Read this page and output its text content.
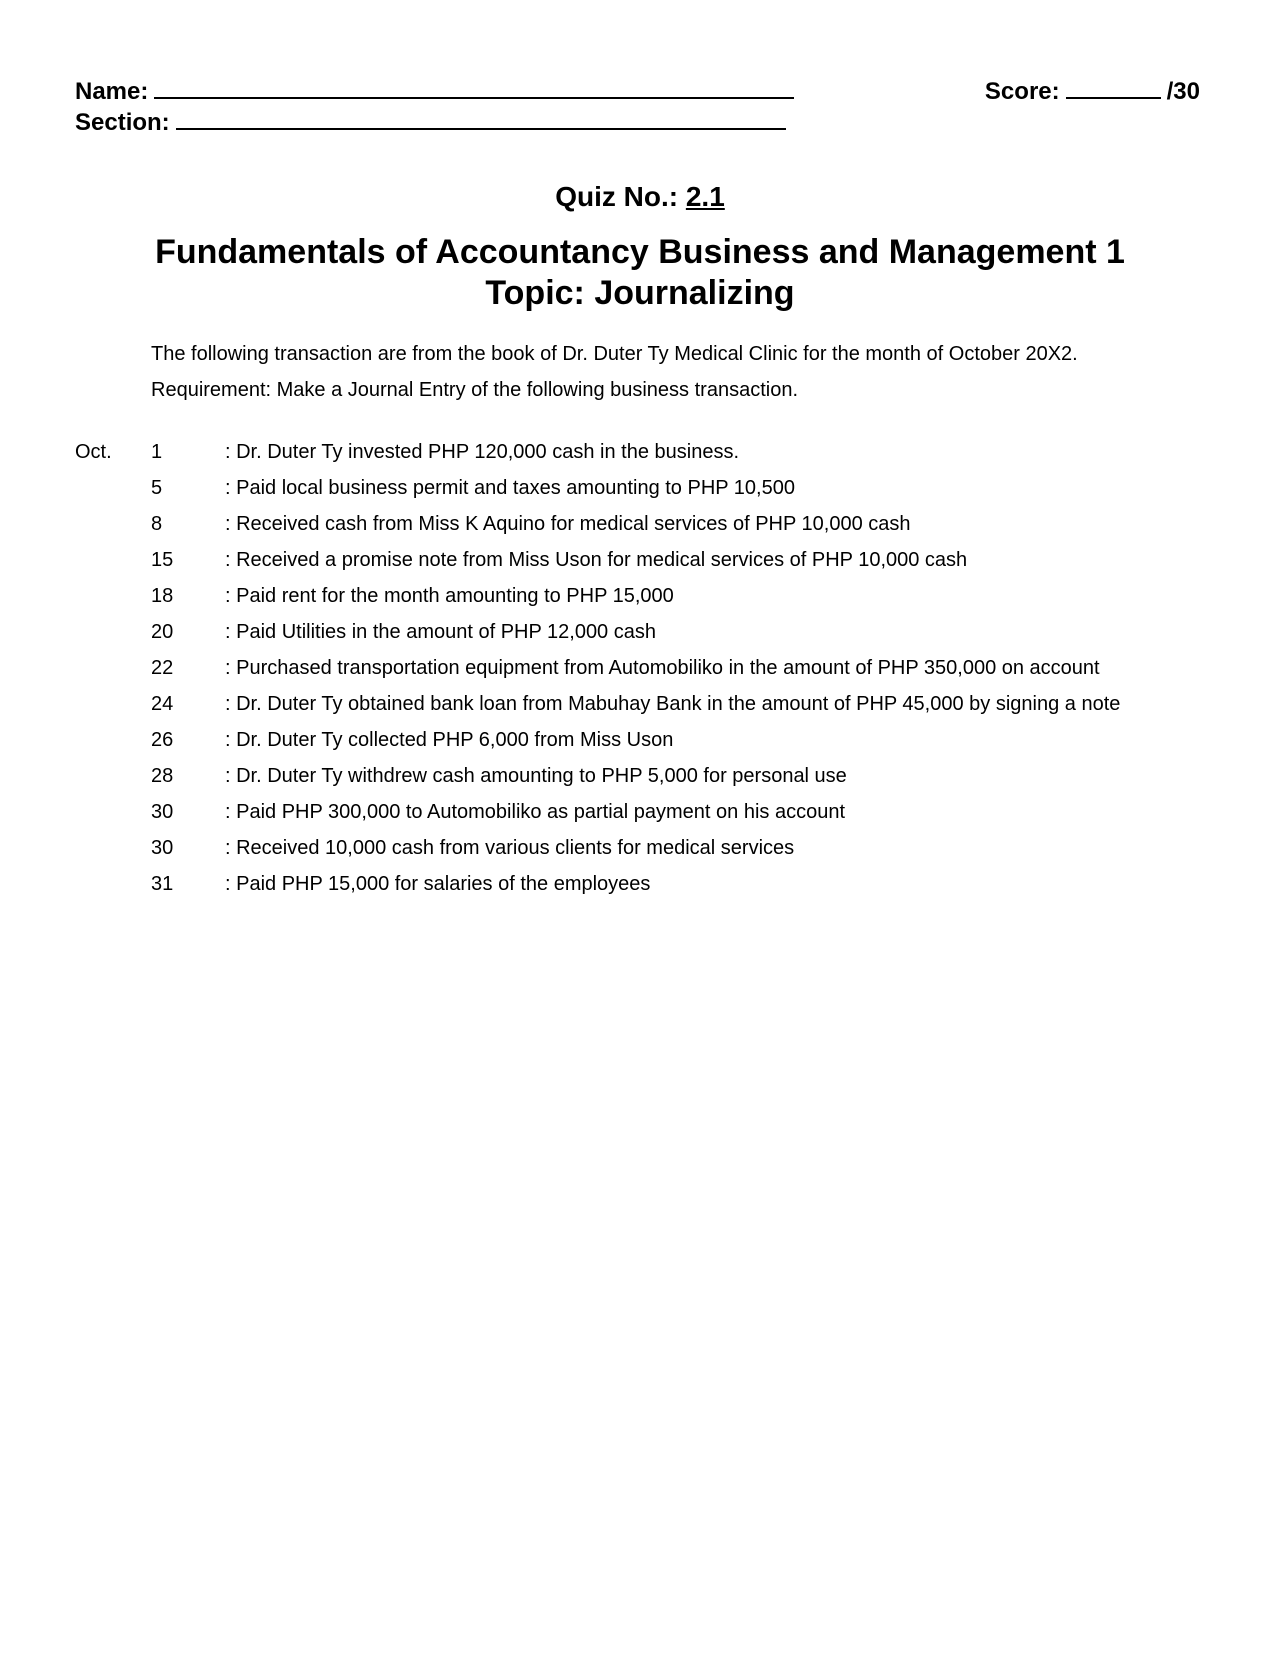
Name:
Section:
Score:	/30
Quiz No.: 2.1
Fundamentals of Accountancy Business and Management 1
Topic: Journalizing
The following transaction are from the book of Dr. Duter Ty Medical Clinic for the month of October 20X2.
Requirement: Make a Journal Entry of the following business transaction.
Oct. 1	: Dr. Duter Ty invested PHP 120,000 cash in the business.
5	: Paid local business permit and taxes amounting to PHP 10,500
8	: Received cash from Miss K Aquino for medical services of PHP 10,000 cash
15	: Received a promise note from Miss Uson for medical services of PHP 10,000 cash
18	: Paid rent for the month amounting to PHP 15,000
20	: Paid Utilities in the amount of PHP 12,000 cash
22	: Purchased transportation equipment from Automobiliko in the amount of PHP 350,000 on account
24	: Dr. Duter Ty obtained bank loan from Mabuhay Bank in the amount of PHP 45,000 by signing a note
26	: Dr. Duter Ty collected PHP 6,000 from Miss Uson
28	: Dr. Duter Ty withdrew cash amounting to PHP 5,000 for personal use
30	: Paid PHP 300,000 to Automobiliko as partial payment on his account
30	: Received 10,000 cash from various clients for medical services
31	: Paid PHP 15,000 for salaries of the employees
